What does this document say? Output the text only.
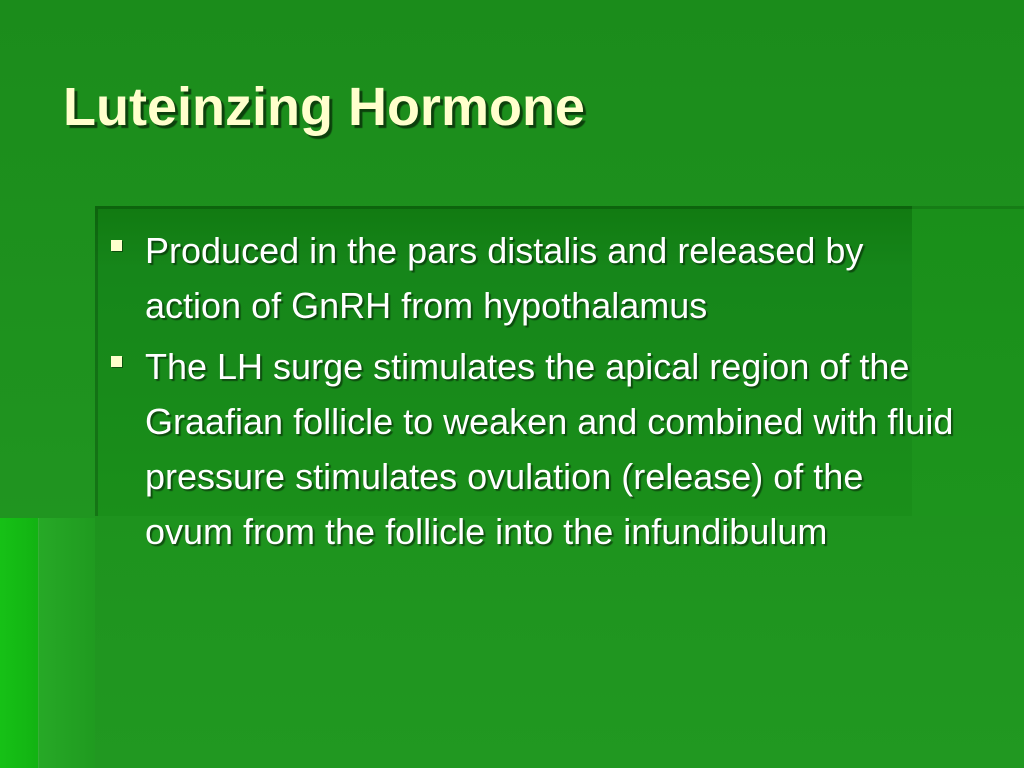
Luteinzing Hormone
Produced in the pars distalis and released by action of GnRH from hypothalamus
The LH surge stimulates the apical region of the Graafian follicle to weaken and combined with fluid pressure stimulates ovulation (release) of the ovum from the follicle into the infundibulum
